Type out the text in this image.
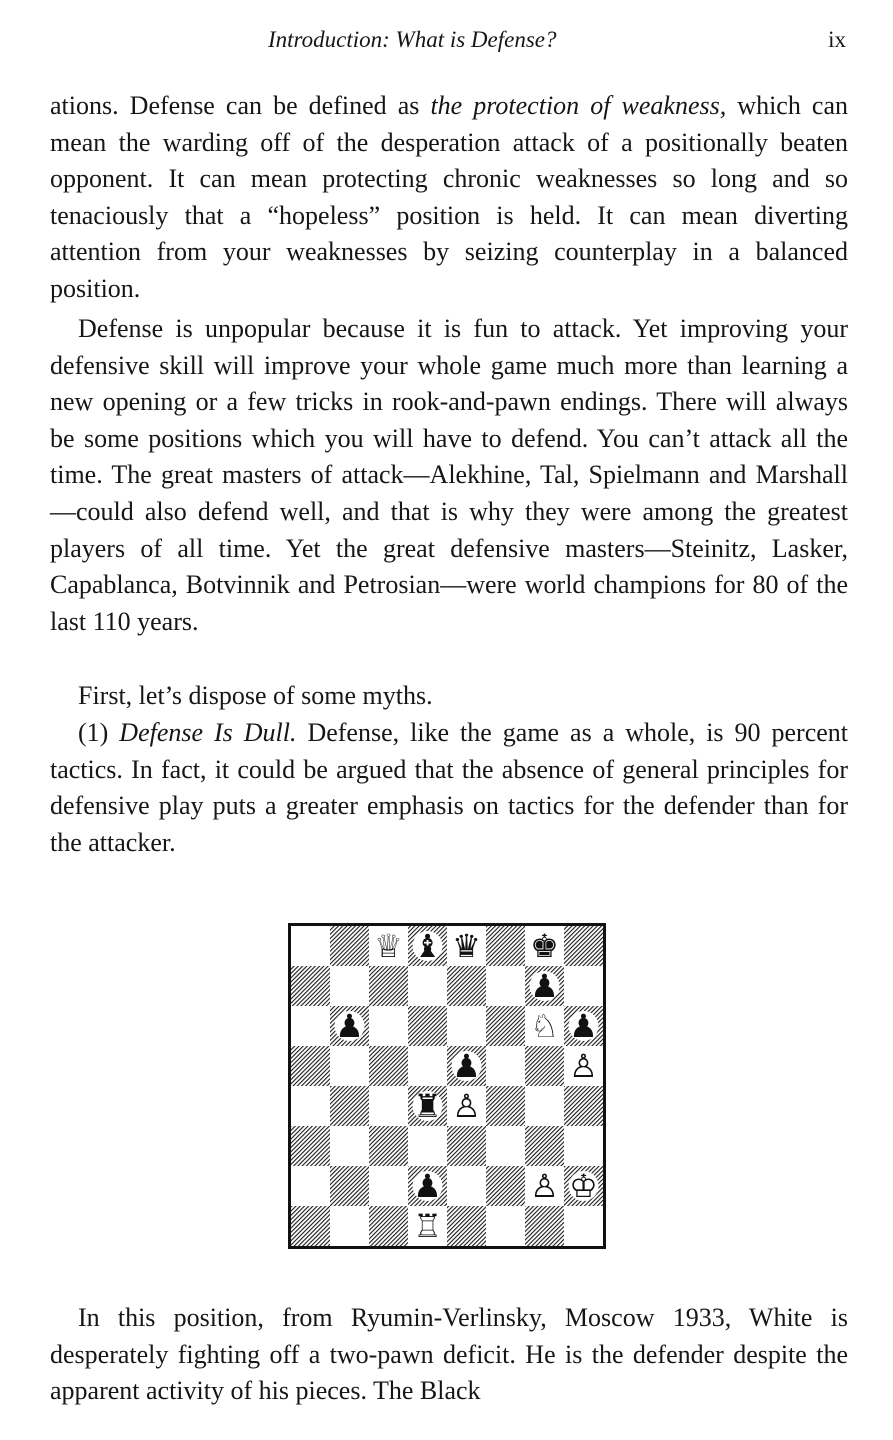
Introduction: What is Defense?	ix

ations. Defense can be defined as the protection of weakness, which can mean the warding off of the desperation attack of a positionally beaten opponent. It can mean protecting chronic weaknesses so long and so tenaciously that a “hopeless” position is held. It can mean diverting attention from your weaknesses by seizing counterplay in a balanced position.

Defense is unpopular because it is fun to attack. Yet improving your defensive skill will improve your whole game much more than learning a new opening or a few tricks in rook-and-pawn endings. There will always be some positions which you will have to defend. You can’t attack all the time. The great masters of attack—Alekhine, Tal, Spielmann and Marshall—could also defend well, and that is why they were among the greatest players of all time. Yet the great defensive masters—Steinitz, Lasker, Capablanca, Botvinnik and Petrosian—were world champions for 80 of the last 110 years.

First, let’s dispose of some myths.

(1) Defense Is Dull. Defense, like the game as a whole, is 90 percent tactics. In fact, it could be argued that the absence of general principles for defensive play puts a greater emphasis on tactics for the defender than for the attacker.

♕ ♝ ♛ ♚
♟
♟	♘ ♟
♟	♙
♜ ♙
♟	♙ ♔
♖

In this position, from Ryumin-Verlinsky, Moscow 1933, White is desperately fighting off a two-pawn deficit. He is the defender despite the apparent activity of his pieces. The Black
